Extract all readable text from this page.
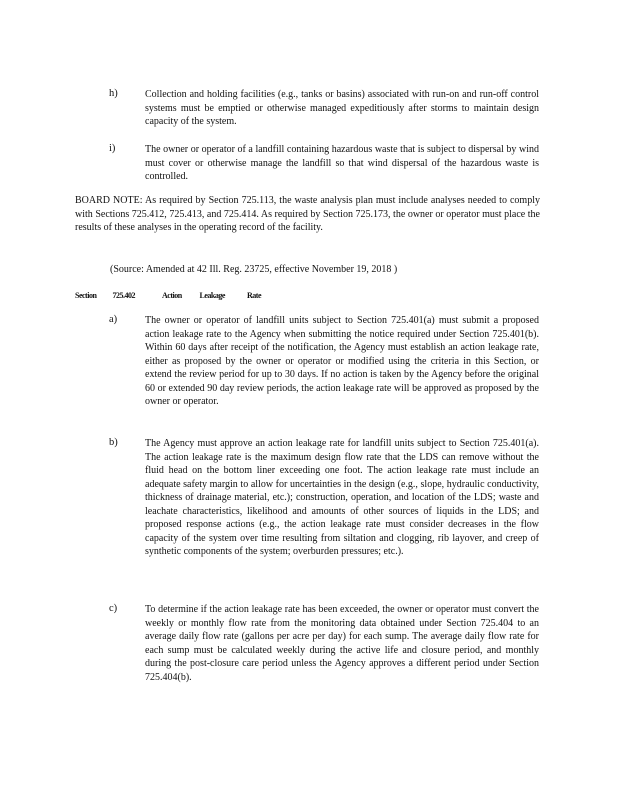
h)	Collection and holding facilities (e.g., tanks or basins) associated with run-on and run-off control systems must be emptied or otherwise managed expeditiously after storms to maintain design capacity of the system.
i)	The owner or operator of a landfill containing hazardous waste that is subject to dispersal by wind must cover or otherwise manage the landfill so that wind dispersal of the hazardous waste is controlled.
BOARD NOTE: As required by Section 725.113, the waste analysis plan must include analyses needed to comply with Sections 725.412, 725.413, and 725.414. As required by Section 725.173, the owner or operator must place the results of these analyses in the operating record of the facility.
(Source: Amended at 42 Ill. Reg. 23725, effective November 19, 2018 )
Section 725.402	Action Leakage	Rate
a)	The owner or operator of landfill units subject to Section 725.401(a) must submit a proposed action leakage rate to the Agency when submitting the notice required under Section 725.401(b). Within 60 days after receipt of the notification, the Agency must establish an action leakage rate, either as proposed by the owner or operator or modified using the criteria in this Section, or extend the review period for up to 30 days. If no action is taken by the Agency before the original 60 or extended 90 day review periods, the action leakage rate will be approved as proposed by the owner or operator.
b)	The Agency must approve an action leakage rate for landfill units subject to Section 725.401(a). The action leakage rate is the maximum design flow rate that the LDS can remove without the fluid head on the bottom liner exceeding one foot. The action leakage rate must include an adequate safety margin to allow for uncertainties in the design (e.g., slope, hydraulic conductivity, thickness of drainage material, etc.); construction, operation, and location of the LDS; waste and leachate characteristics, likelihood and amounts of other sources of liquids in the LDS; and proposed response actions (e.g., the action leakage rate must consider decreases in the flow capacity of the system over time resulting from siltation and clogging, rib layover, and creep of synthetic components of the system; overburden pressures; etc.).
c)	To determine if the action leakage rate has been exceeded, the owner or operator must convert the weekly or monthly flow rate from the monitoring data obtained under Section 725.404 to an average daily flow rate (gallons per acre per day) for each sump. The average daily flow rate for each sump must be calculated weekly during the active life and closure period, and monthly during the post-closure care period unless the Agency approves a different period under Section 725.404(b).
